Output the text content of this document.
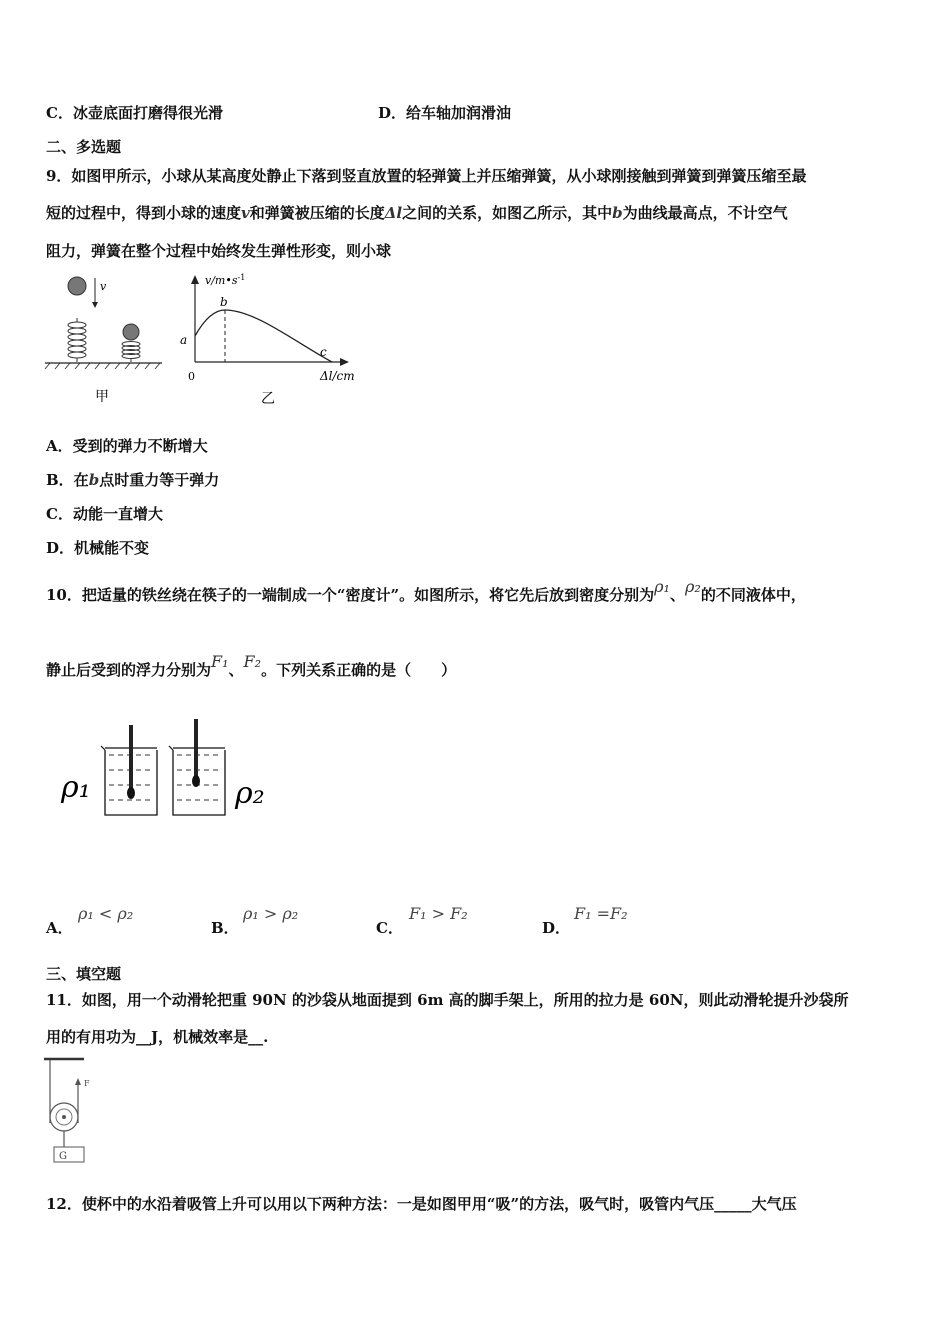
C．冰壶底面打磨得很光滑	D．给车轴加润滑油
二、多选题
9．如图甲所示，小球从某高度处静止下落到竖直放置的轻弹簧上并压缩弹簧，从小球刚接触到弹簧到弹簧压缩至最
短的过程中，得到小球的速度v和弹簧被压缩的长度Δl之间的关系，如图乙所示，其中b为曲线最高点，不计空气
阻力，弹簧在整个过程中始终发生弹性形变，则小球
v
甲
$v/m•s^{-1}$
Δl/cm
0
a
b
c
乙
A．受到的弹力不断增大
B．在b点时重力等于弹力
C．动能一直增大
D．机械能不变
10．把适量的铁丝绕在筷子的一端制成一个“密度计”。如图所示，将它先后放到密度分别为ρ₁、ρ₂的不同液体中，
静止后受到的浮力分别为F₁、F₂。下列关系正确的是（　　）
ρ₁	ρ₂
A．
ρ₁ < ρ₂
B．
ρ₁ > ρ₂
C．
F₁ > F₂
D．
F₁ =F₂
三、填空题
11．如图，用一个动滑轮把重 90N 的沙袋从地面提到 6m 高的脚手架上，所用的拉力是 60N，则此动滑轮提升沙袋所
用的有用功为__J，机械效率是__.
F
G
12．使杯中的水沿着吸管上升可以用以下两种方法：一是如图甲用“吸”的方法，吸气时，吸管内气压_____大气压
